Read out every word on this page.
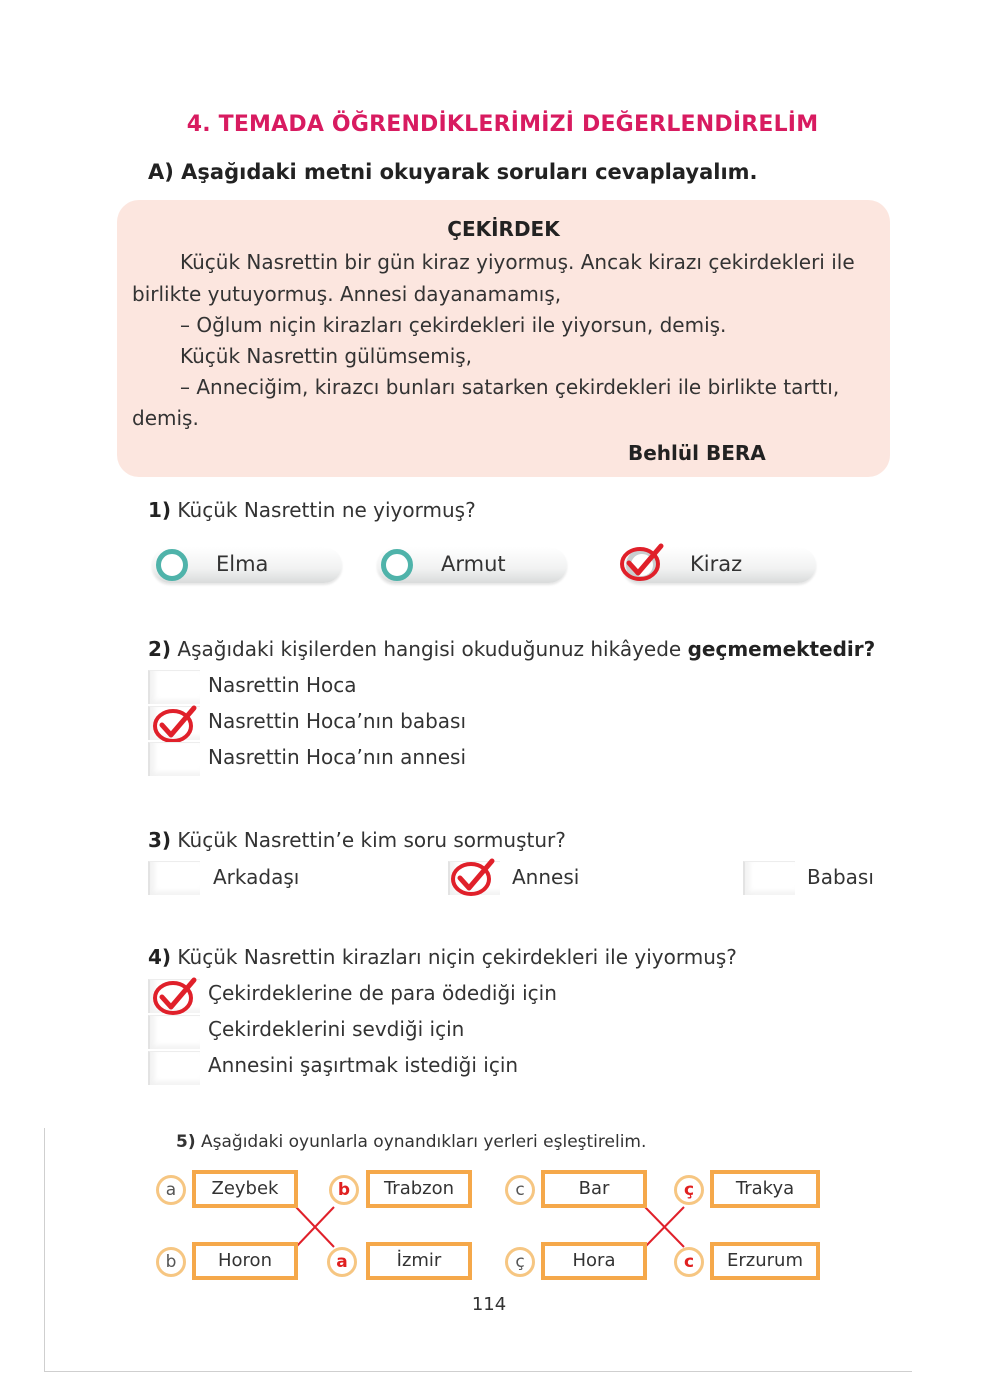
4. TEMADA ÖĞRENDİKLERİMİZİ DEĞERLENDİRELİM
A) Aşağıdaki metni okuyarak soruları cevaplayalım.
ÇEKİRDEK
Küçük Nasrettin bir gün kiraz yiyormuş. Ancak kirazı çekirdekleri ile
birlikte yutuyormuş. Annesi dayanamamış,
– Oğlum niçin kirazları çekirdekleri ile yiyorsun, demiş.
Küçük Nasrettin gülümsemiş,
– Anneciğim, kirazcı bunları satarken çekirdekleri ile birlikte tarttı,
demiş.
Behlül BERA
1) Küçük Nasrettin ne yiyormuş?
Elma	Armut	Kiraz
2) Aşağıdaki kişilerden hangisi okuduğunuz hikâyede geçmemektedir?
Nasrettin Hoca
Nasrettin Hoca’nın babası
Nasrettin Hoca’nın annesi
3) Küçük Nasrettin’e kim soru sormuştur?
Arkadaşı	Annesi	Babası
4) Küçük Nasrettin kirazları niçin çekirdekleri ile yiyormuş?
Çekirdeklerine de para ödediği için
Çekirdeklerini sevdiği için
Annesini şaşırtmak istediği için
5) Aşağıdaki oyunlarla oynandıkları yerleri eşleştirelim.
a	Zeybek	b	Trabzon	c	Bar	ç	Trakya
b	Horon	a	İzmir	ç	Hora	c	Erzurum
114
